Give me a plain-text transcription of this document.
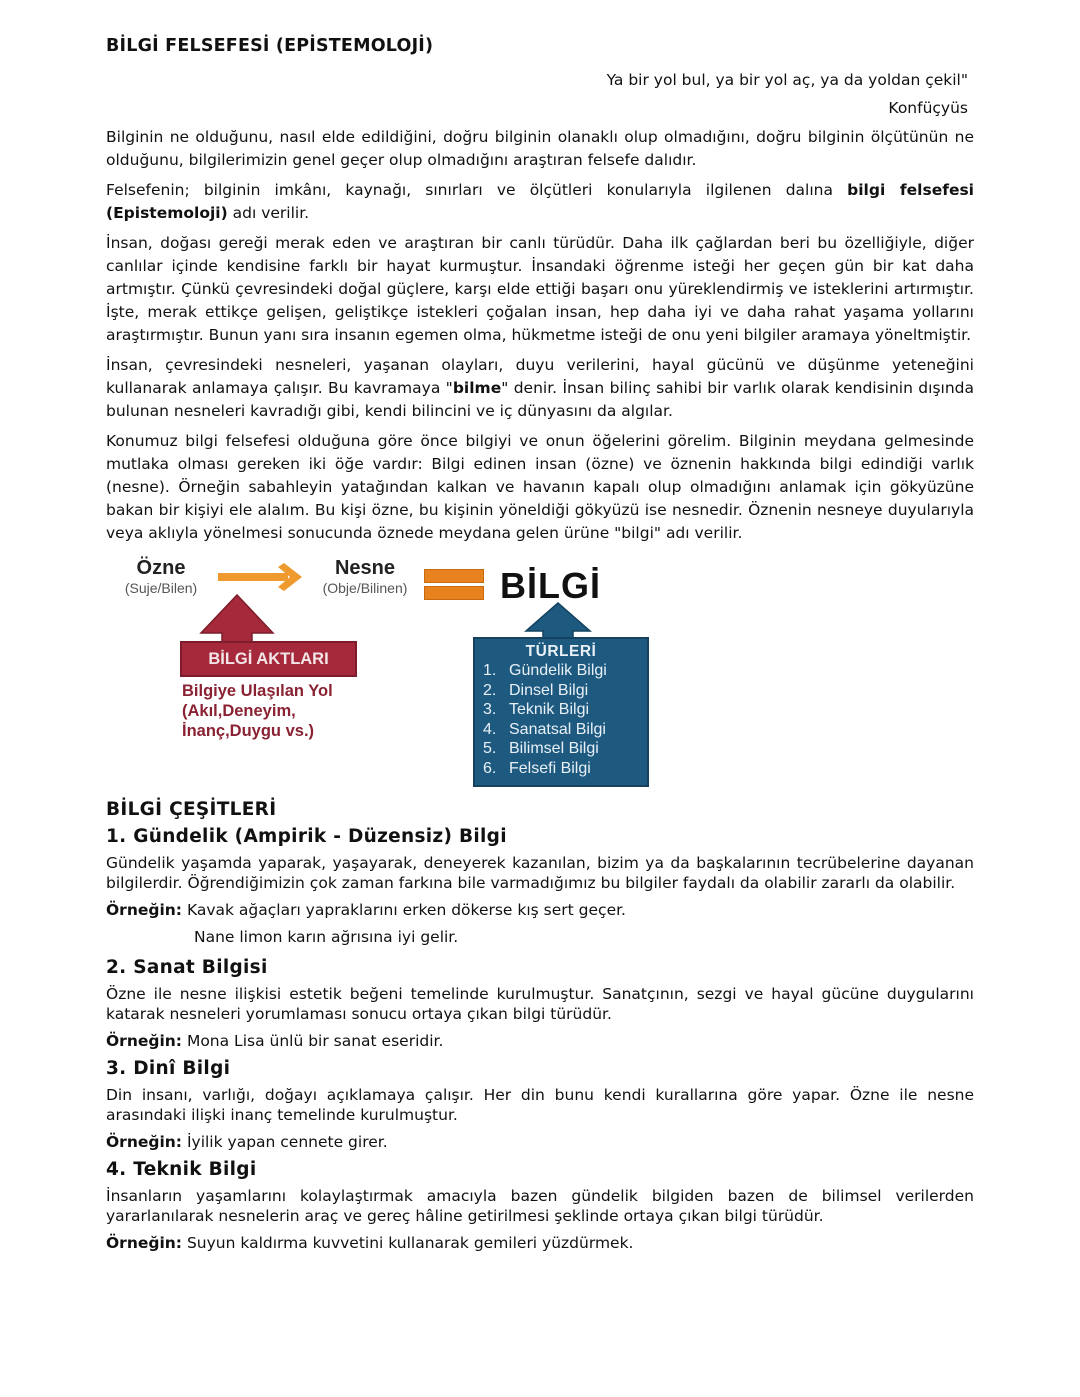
BİLGİ FELSEFESİ (EPİSTEMOLOJİ)
Ya bir yol bul, ya bir yol aç, ya da yoldan çekil"
Konfüçyüs

Bilginin ne olduğunu, nasıl elde edildiğini, doğru bilginin olanaklı olup olmadığını, doğru bilginin ölçütünün ne olduğunu, bilgilerimizin genel geçer olup olmadığını araştıran felsefe dalıdır.

Felsefenin; bilginin imkânı, kaynağı, sınırları ve ölçütleri konularıyla ilgilenen dalına bilgi felsefesi (Epistemoloji) adı verilir.

İnsan, doğası gereği merak eden ve araştıran bir canlı türüdür. Daha ilk çağlardan beri bu özelliğiyle, diğer canlılar içinde kendisine farklı bir hayat kurmuştur. İnsandaki öğrenme isteği her geçen gün bir kat daha artmıştır. Çünkü çevresindeki doğal güçlere, karşı elde ettiği başarı onu yüreklendirmiş ve isteklerini artırmıştır. İşte, merak ettikçe gelişen, geliştikçe istekleri çoğalan insan, hep daha iyi ve daha rahat yaşama yollarını araştırmıştır. Bunun yanı sıra insanın egemen olma, hükmetme isteği de onu yeni bilgiler aramaya yöneltmiştir.

İnsan, çevresindeki nesneleri, yaşanan olayları, duyu verilerini, hayal gücünü ve düşünme yeteneğini kullanarak anlamaya çalışır. Bu kavramaya "bilme" denir. İnsan bilinç sahibi bir varlık olarak kendisinin dışında bulunan nesneleri kavradığı gibi, kendi bilincini ve iç dünyasını da algılar.

Konumuz bilgi felsefesi olduğuna göre önce bilgiyi ve onun öğelerini görelim. Bilginin meydana gelmesinde mutlaka olması gereken iki öğe vardır: Bilgi edinen insan (özne) ve öznenin hakkında bilgi edindiği varlık (nesne). Örneğin sabahleyin yatağından kalkan ve havanın kapalı olup olmadığını anlamak için gökyüzüne bakan bir kişiyi ele alalım. Bu kişi özne, bu kişinin yöneldiği gökyüzü ise nesnedir. Öznenin nesneye duyularıyla veya aklıyla yönelmesi sonucunda öznede meydana gelen ürüne "bilgi" adı verilir.

Özne
(Suje/Bilen)
Nesne
(Obje/Bilinen)	BİLGİ
BİLGİ AKTLARI
Bilgiye Ulaşılan Yol
(Akıl,Deneyim,
İnanç,Duygu vs.)
TÜRLERİ
1. Gündelik Bilgi
2. Dinsel Bilgi
3. Teknik Bilgi
4. Sanatsal Bilgi
5. Bilimsel Bilgi
6. Felsefi Bilgi
BİLGİ ÇEŞİTLERİ
1. Gündelik (Ampirik - Düzensiz) Bilgi

Gündelik yaşamda yaparak, yaşayarak, deneyerek kazanılan, bizim ya da başkalarının tecrübelerine dayanan bilgilerdir. Öğrendiğimizin çok zaman farkına bile varmadığımız bu bilgiler faydalı da olabilir zararlı da olabilir.

Örneğin: Kavak ağaçları yapraklarını erken dökerse kış sert geçer.
Nane limon karın ağrısına iyi gelir.
2. Sanat Bilgisi

Özne ile nesne ilişkisi estetik beğeni temelinde kurulmuştur. Sanatçının, sezgi ve hayal gücüne duygularını katarak nesneleri yorumlaması sonucu ortaya çıkan bilgi türüdür.

Örneğin: Mona Lisa ünlü bir sanat eseridir.
3. Dinî Bilgi

Din insanı, varlığı, doğayı açıklamaya çalışır. Her din bunu kendi kurallarına göre yapar. Özne ile nesne arasındaki ilişki inanç temelinde kurulmuştur.

Örneğin: İyilik yapan cennete girer.
4. Teknik Bilgi

İnsanların yaşamlarını kolaylaştırmak amacıyla bazen gündelik bilgiden bazen de bilimsel verilerden yararlanılarak nesnelerin araç ve gereç hâline getirilmesi şeklinde ortaya çıkan bilgi türüdür.

Örneğin: Suyun kaldırma kuvvetini kullanarak gemileri yüzdürmek.
